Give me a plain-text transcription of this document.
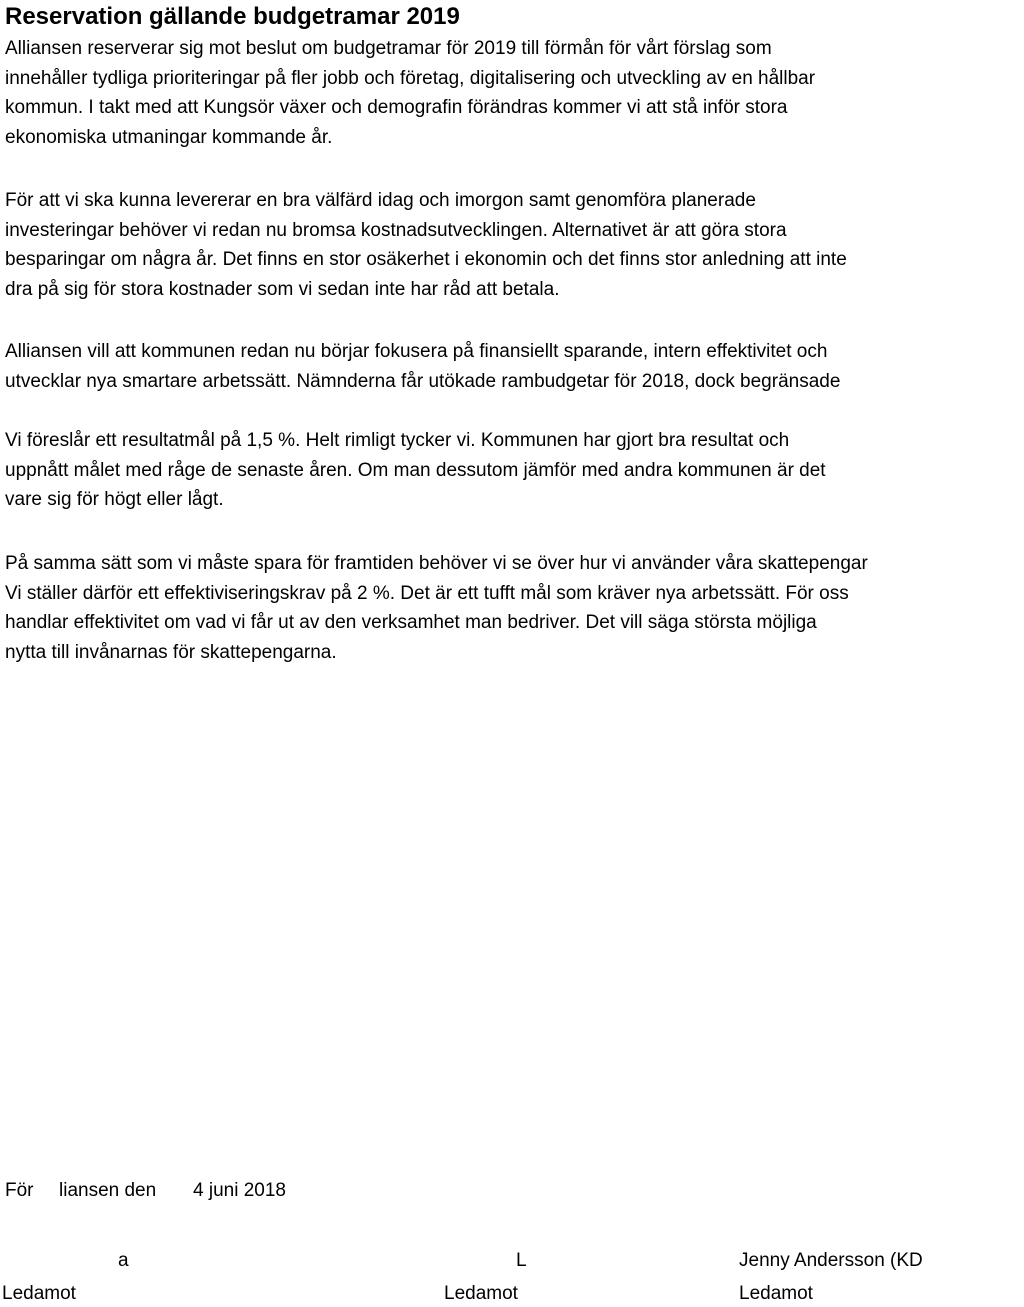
Reservation gällande budgetramar 2019

Alliansen reserverar sig mot beslut om budgetramar för 2019 till förmån för vårt förslag som
innehåller tydliga prioriteringar på fler jobb och företag, digitalisering och utveckling av en hållbar
kommun. I takt med att Kungsör växer och demografin förändras kommer vi att stå inför stora
ekonomiska utmaningar kommande år.

För att vi ska kunna levererar en bra välfärd idag och imorgon samt genomföra planerade
investeringar behöver vi redan nu bromsa kostnadsutvecklingen. Alternativet är att göra stora
besparingar om några år. Det finns en stor osäkerhet i ekonomin och det finns stor anledning att inte
dra på sig för stora kostnader som vi sedan inte har råd att betala.

Alliansen vill att kommunen redan nu börjar fokusera på finansiellt sparande, intern effektivitet och
utvecklar nya smartare arbetssätt. Nämnderna får utökade rambudgetar för 2018, dock begränsade

Vi föreslår ett resultatmål på 1,5 %. Helt rimligt tycker vi. Kommunen har gjort bra resultat och
uppnått målet med råge de senaste åren. Om man dessutom jämför med andra kommunen är det
vare sig för högt eller lågt.

På samma sätt som vi måste spara för framtiden behöver vi se över hur vi använder våra skattepengar
Vi ställer därför ett effektiviseringskrav på 2 %. Det är ett tufft mål som kräver nya arbetssätt. För oss
handlar effektivitet om vad vi får ut av den verksamhet man bedriver. Det vill säga största möjliga
nytta till invånarnas för skattepengarna.

För liansen den 4 juni 2018
a
Ledamot
L
Ledamot
Jenny Andersson (KD
Ledamot
